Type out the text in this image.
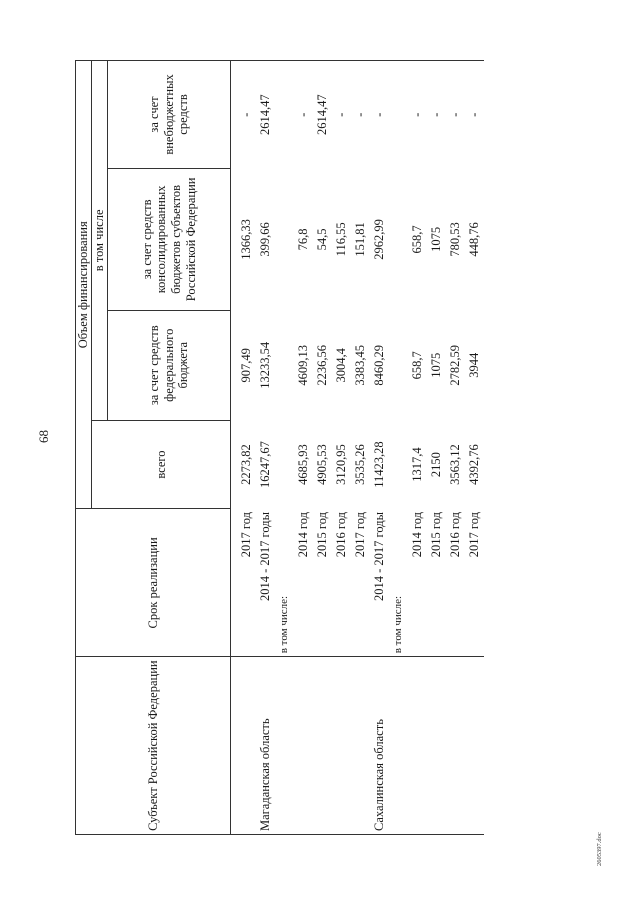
68
Субъект Российской Федерации	Срок реализации	Объем финансирования			
		всего	в том числе		
			за счет средств федерального бюджета	за счет средств консолидированных бюджетов субъектов Российской Федерации	за счет внебюджетных средств

	2017 год	2273,82	907,49	1366,33	-
Магаданская область	2014 - 2017 годы	16247,67	13233,54	399,66	2614,47
	в том числе:				
	2014 год	4685,93	4609,13	76,8	-
	2015 год	4905,53	2236,56	54,5	2614,47
	2016 год	3120,95	3004,4	116,55	-
	2017 год	3535,26	3383,45	151,81	-
Сахалинская область	2014 - 2017 годы	11423,28	8460,29	2962,99	-
	в том числе:				
	2014 год	1317,4	658,7	658,7	-
	2015 год	2150	1075	1075	-
	2016 год	3563,12	2782,59	780,53	-
	2017 год	4392,76	3944	448,76	-
2605397.doc
